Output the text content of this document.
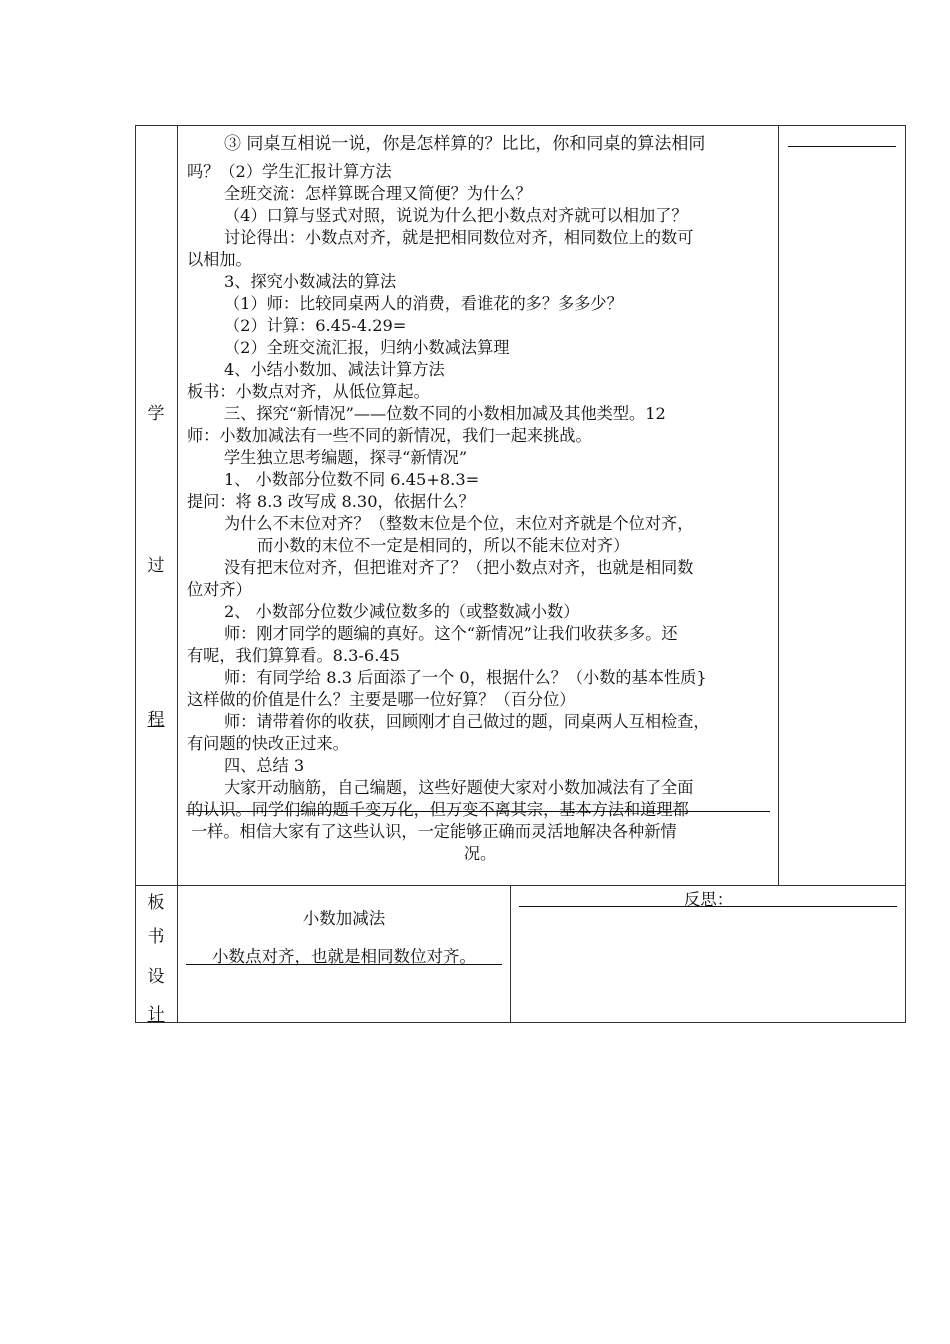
学
过
程
③ 同桌互相说一说，你是怎样算的？比比，你和同桌的算法相同
吗？（2）学生汇报计算方法
全班交流：怎样算既合理又简便？为什么？
（4）口算与竖式对照，说说为什么把小数点对齐就可以相加了？
讨论得出：小数点对齐，就是把相同数位对齐，相同数位上的数可
以相加。
3、探究小数减法的算法
（1）师：比较同桌两人的消费，看谁花的多？多多少？
（2）计算：6.45-4.29=
（2）全班交流汇报，归纳小数减法算理
4、小结小数加、减法计算方法
板书：小数点对齐，从低位算起。
三、探究“新情况”——位数不同的小数相加减及其他类型。12
师：小数加减法有一些不同的新情况，我们一起来挑战。
学生独立思考编题，探寻“新情况”
1、 小数部分位数不同 6.45+8.3=
提问：将 8.3 改写成 8.30，依据什么？
为什么不末位对齐？（整数末位是个位，末位对齐就是个位对齐，
而小数的末位不一定是相同的，所以不能末位对齐）
没有把末位对齐，但把谁对齐了？（把小数点对齐，也就是相同数
位对齐）
2、 小数部分位数少减位数多的（或整数减小数）
师：刚才同学的题编的真好。这个“新情况”让我们收获多多。还
有呢，我们算算看。8.3-6.45
师：有同学给 8.3 后面添了一个 0，根据什么？（小数的基本性质}
这样做的价值是什么？主要是哪一位好算？（百分位）
师：请带着你的收获，回顾刚才自己做过的题，同桌两人互相检查，
有问题的快改正过来。
四、总结 3
大家开动脑筋，自己编题，这些好题使大家对小数加减法有了全面
的认识。同学们编的题千变万化，但万变不离其宗，基本方法和道理都
一样。相信大家有了这些认识，一定能够正确而灵活地解决各种新情
况。
板
书
设
计
小数加减法
小数点对齐，也就是相同数位对齐。
反思：
